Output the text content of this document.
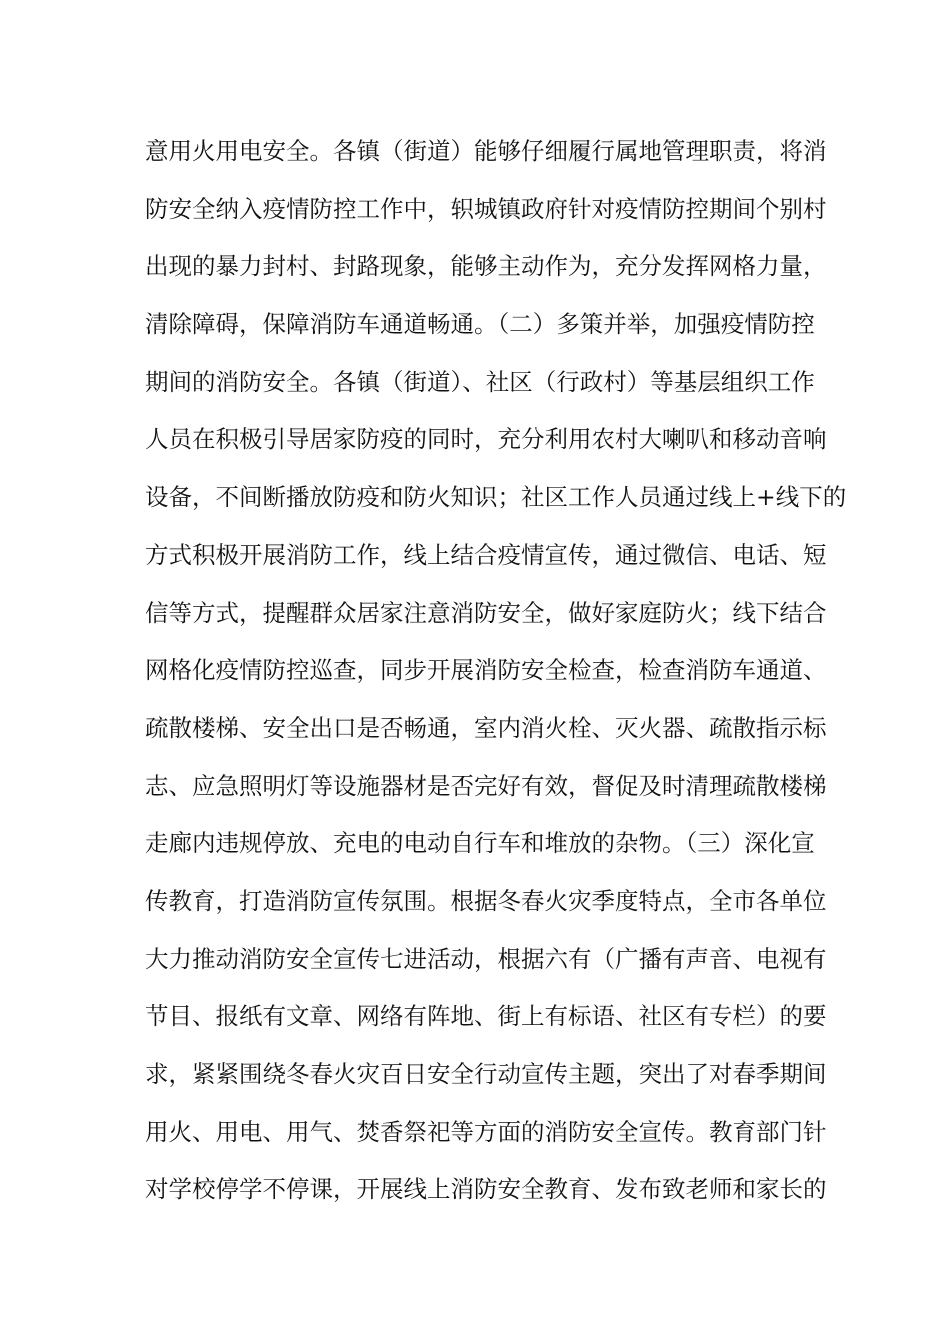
意用火用电安全。各镇（街道）能够仔细履行属地管理职责，将消
防安全纳入疫情防控工作中，轵城镇政府针对疫情防控期间个别村
出现的暴力封村、封路现象，能够主动作为，充分发挥网格力量，
清除障碍，保障消防车通道畅通。（二）多策并举，加强疫情防控
期间的消防安全。各镇（街道）、社区（行政村）等基层组织工作
人员在积极引导居家防疫的同时，充分利用农村大喇叭和移动音响
设备，不间断播放防疫和防火知识；社区工作人员通过线上+线下的
方式积极开展消防工作，线上结合疫情宣传，通过微信、电话、短
信等方式，提醒群众居家注意消防安全，做好家庭防火；线下结合
网格化疫情防控巡查，同步开展消防安全检查，检查消防车通道、
疏散楼梯、安全出口是否畅通，室内消火栓、灭火器、疏散指示标
志、应急照明灯等设施器材是否完好有效，督促及时清理疏散楼梯
走廊内违规停放、充电的电动自行车和堆放的杂物。（三）深化宣
传教育，打造消防宣传氛围。根据冬春火灾季度特点，全市各单位
大力推动消防安全宣传七进活动，根据六有（广播有声音、电视有
节目、报纸有文章、网络有阵地、街上有标语、社区有专栏）的要
求，紧紧围绕冬春火灾百日安全行动宣传主题，突出了对春季期间
用火、用电、用气、焚香祭祀等方面的消防安全宣传。教育部门针
对学校停学不停课，开展线上消防安全教育、发布致老师和家长的
